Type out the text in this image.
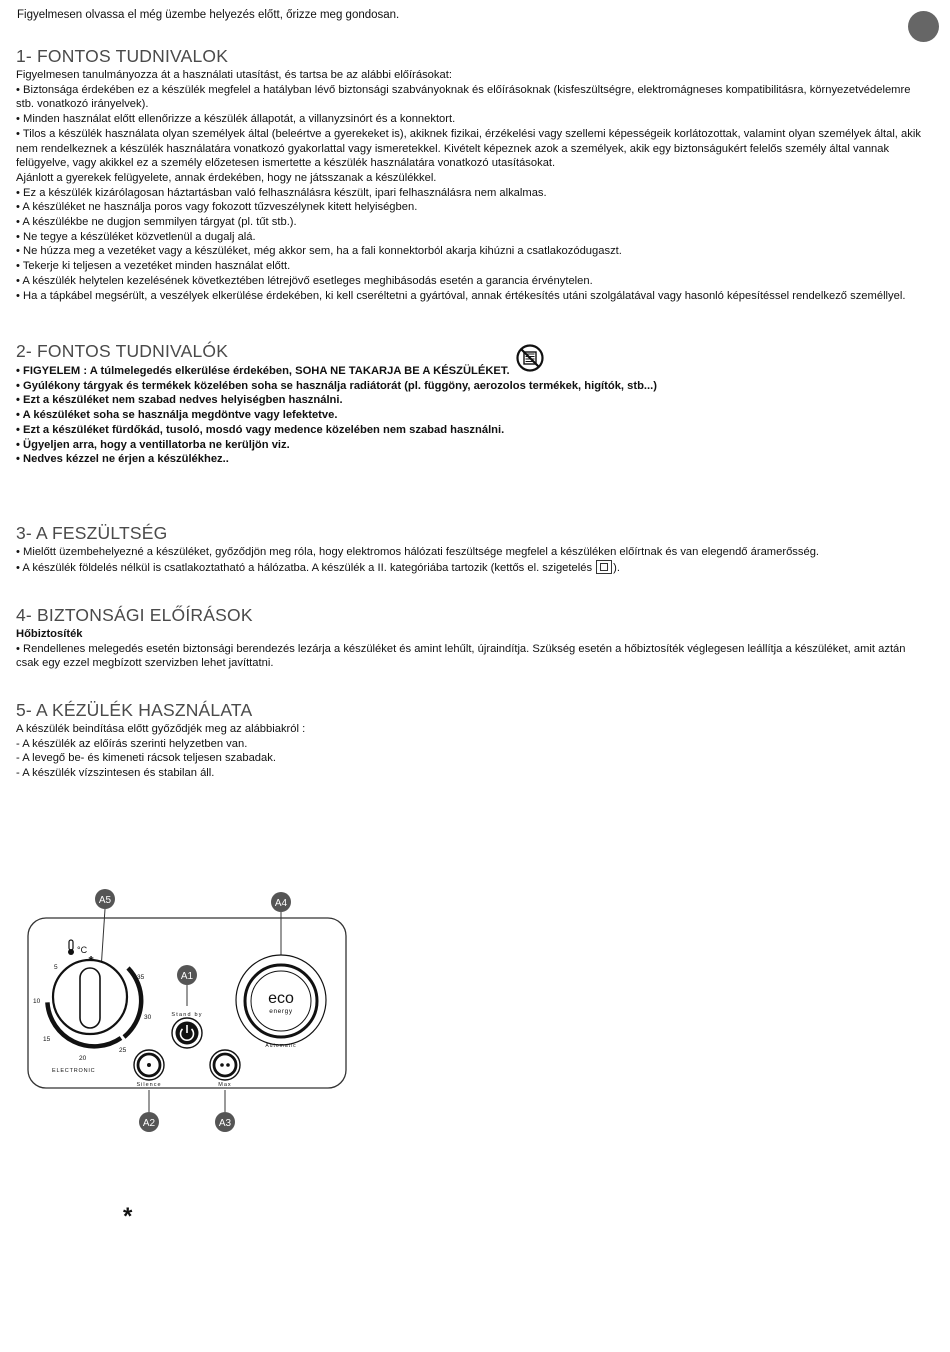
Figyelmesen olvassa el még üzembe helyezés előtt, őrizze meg gondosan.
1- FONTOS TUDNIVALOK

Figyelmesen tanulmányozza át a használati utasítást, és tartsa be az alábbi előírásokat:

• Biztonsága érdekében ez a készülék megfelel a hatályban lévő biztonsági szabványoknak és előírásoknak (kisfeszültségre, elektromágneses kompatibilitásra, környezetvédelemre stb. vonatkozó irányelvek).

• Minden használat előtt ellenőrizze a készülék állapotát, a villanyzsinórt és a konnektort.

• Tilos a készülék használata olyan személyek által (beleértve a gyerekeket is), akiknek fizikai, érzékelési vagy szellemi képességeik korlátozottak, valamint olyan személyek által, akik nem rendelkeznek a készülék használatára vonatkozó gyakorlattal vagy ismeretekkel. Kivételt képeznek azok a személyek, akik egy biztonságukért felelős személy által vannak felügyelve, vagy akikkel ez a személy előzetesen ismertette a készülék használatára vonatkozó utasításokat.

Ajánlott a gyerekek felügyelete, annak érdekében, hogy ne játsszanak a készülékkel.

• Ez a készülék kizárólagosan háztartásban való felhasználásra készült, ipari felhasználásra nem alkalmas.

• A készüléket ne használja poros vagy fokozott tűzveszélynek kitett helyiségben.

• A készülékbe ne dugjon semmilyen tárgyat (pl. tűt stb.).

• Ne tegye a készüléket közvetlenül a dugalj alá.

• Ne húzza meg a vezetéket vagy a készüléket, még akkor sem, ha a fali konnektorból akarja kihúzni a csatlakozódugaszt.

• Tekerje ki teljesen a vezetéket minden használat előtt.

• A készülék helytelen kezelésének következtében létrejövő esetleges meghibásodás esetén a garancia érvénytelen.

• Ha a tápkábel megsérült, a veszélyek elkerülése érdekében, ki kell cseréltetni a gyártóval, annak értékesítés utáni szolgálatával vagy hasonló képesítéssel rendelkező személlyel.

2- FONTOS TUDNIVALÓK

• FIGYELEM : A túlmelegedés elkerülése érdekében, SOHA NE TAKARJA BE A KÉSZÜLÉKET.

• Gyúlékony tárgyak és termékek közelében soha se használja radiátorát (pl. függöny, aerozolos termékek, higítók, stb...)

• Ezt a készüléket nem szabad nedves helyiségben használni.

• A készüléket soha se használja megdöntve vagy lefektetve.

• Ezt a készüléket fürdőkád, tusoló, mosdó vagy medence közelében nem szabad használni.

• Ügyeljen arra, hogy a ventillatorba ne kerüljön viz.

• Nedves kézzel ne érjen a készülékhez..

3- A FESZÜLTSÉG

• Mielőtt üzembehelyezné a készüléket, győződjön meg róla, hogy elektromos hálózati feszültsége megfelel a készüléken előírtnak és van elegendő áramerősség.

• A készülék földelés nélkül is csatlakoztatható a hálózatba. A készülék a II. kategóriába tartozik (kettős el. szigetelés ).

4- BIZTONSÁGI ELŐÍRÁSOK

Hőbiztosíték

• Rendellenes melegedés esetén biztonsági berendezés lezárja a készüléket és amint lehűlt, újraindítja. Szükség esetén a hőbiztosíték véglegesen leállítja a készüléket, amit aztán csak egy ezzel megbízott szervizben lehet javíttatni.

5- A KÉZÜLÉK HASZNÁLATA

A készülék beindítása előtt győződjék meg az alábbiakról :

- A készülék az előírás szerinti helyzetben van.

- A levegő be- és kimeneti rácsok teljesen szabadak.

- A készülék vízszintesen és stabilan áll.

A5	A4
°C
*
5
10
15
20
25
30
35
ELECTRONIC
A1
Stand by
Silence
A2
Max
A3
eco
energy
Automatic
*
